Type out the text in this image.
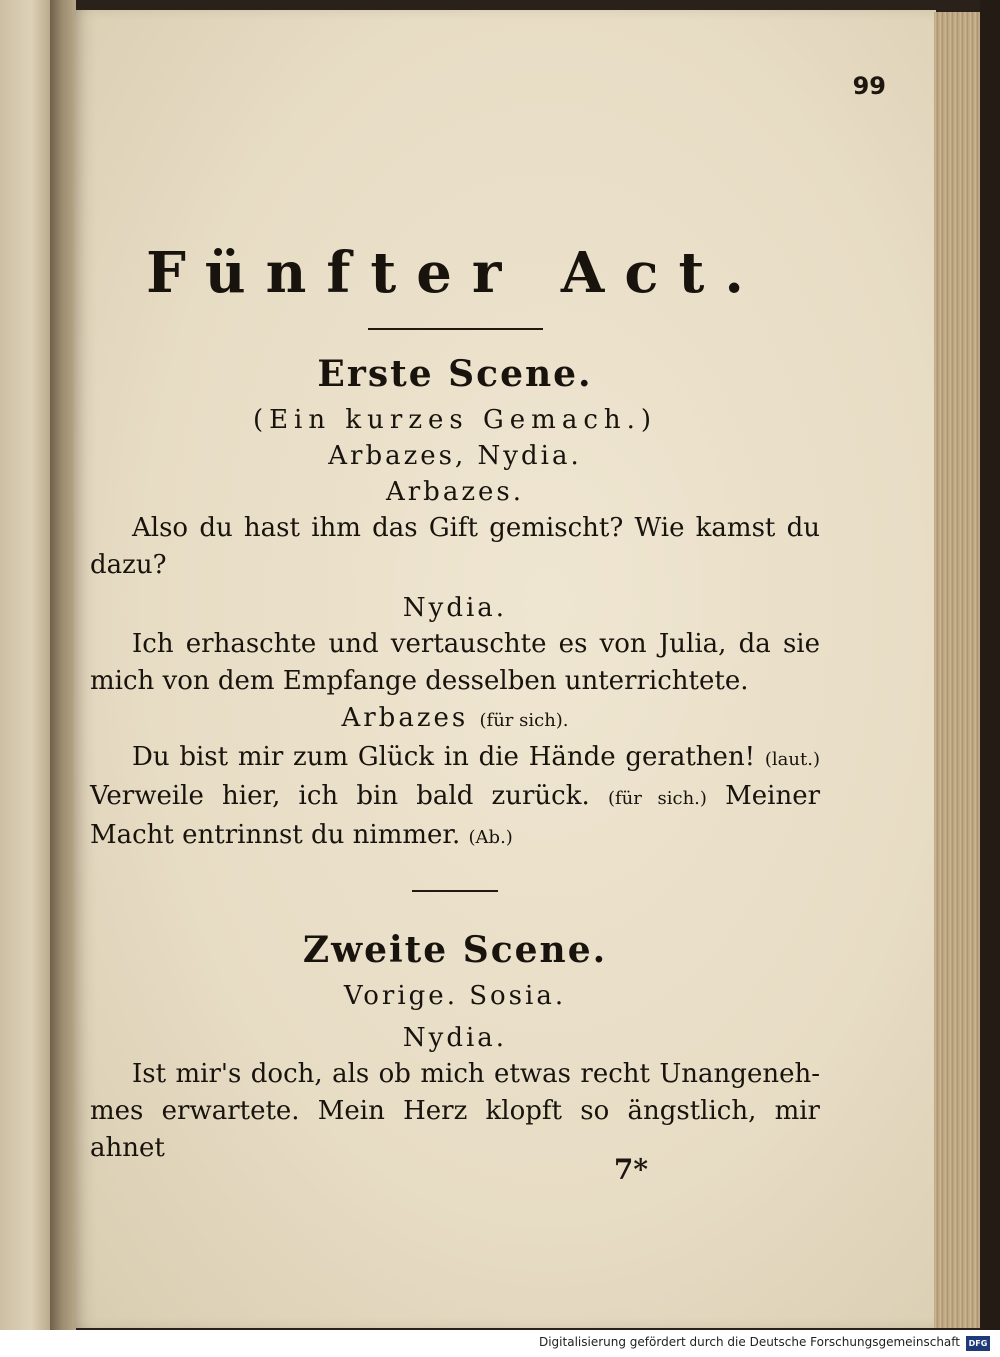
99
Fünfter Act.
Erste Scene.
(Ein kurzes Gemach.)
Arbazes, Nydia.
Arbazes.

Also du hast ihm das Gift gemischt? Wie kamst du dazu?

Nydia.

Ich erhaschte und vertauschte es von Julia, da sie mich von dem Empfange desselben unterrichtete.

Arbazes (für sich).

Du bist mir zum Glück in die Hände gerathen! (laut.) Verweile hier, ich bin bald zurück. (für sich.) Meiner Macht entrinnst du nimmer. (Ab.)

Zweite Scene.
Vorige. Sosia.
Nydia.

Ist mir's doch, als ob mich etwas recht Unangeneh-mes erwartete. Mein Herz klopft so ängstlich, mir ahnet

7*
Digitalisierung gefördert durch die Deutsche Forschungsgemeinschaft	DFG
